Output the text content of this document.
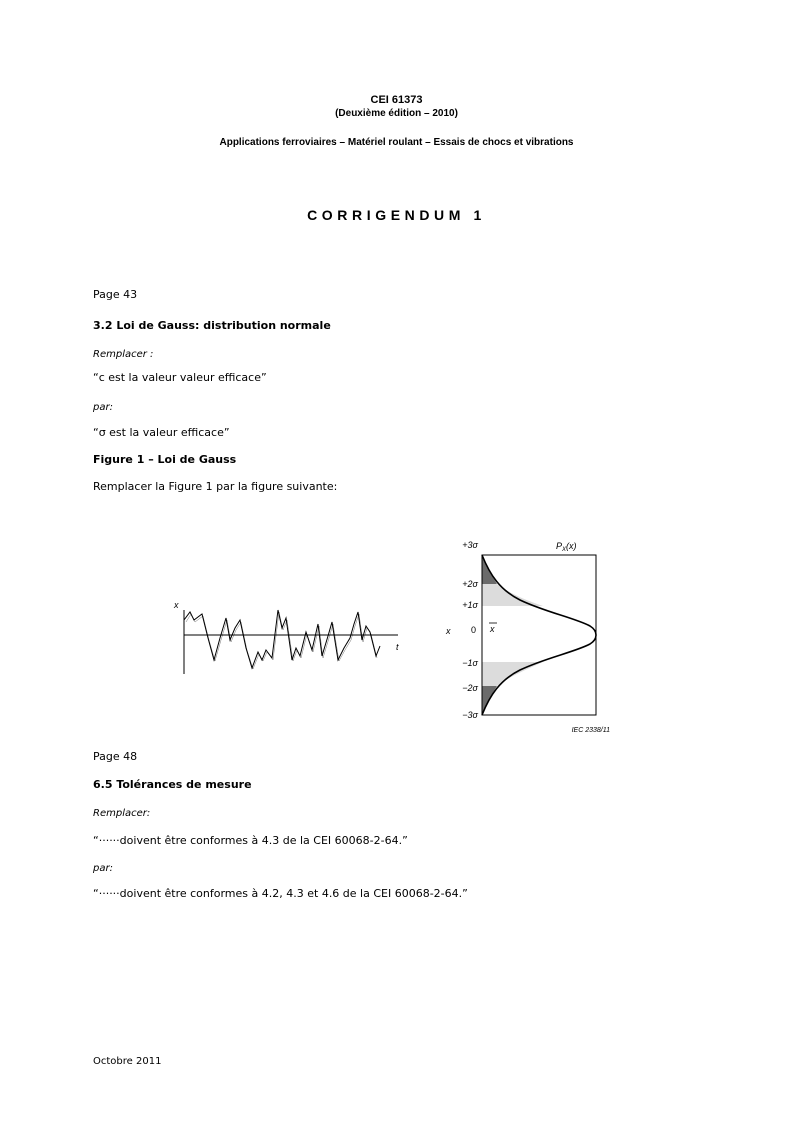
CEI 61373
(Deuxième édition – 2010)
Applications ferroviaires – Matériel roulant – Essais de chocs et vibrations
CORRIGENDUM 1
Page 43
3.2 Loi de Gauss: distribution normale
Remplacer :
“c est la valeur valeur efficace”
par:
“σ est la valeur efficace”
Figure 1 – Loi de Gauss
Remplacer la Figure 1 par la figure suivante:
x
t
$P_X(x)$
+3σ
+2σ
+1σ
0
−1σ
−2σ
−3σ
x	x
IEC 2338/11
Page 48
6.5 Tolérances de mesure
Remplacer:
“······doivent être conformes à 4.3 de la CEI 60068-2-64.”
par:
“······doivent être conformes à 4.2, 4.3 et 4.6 de la CEI 60068-2-64.”
Octobre 2011
